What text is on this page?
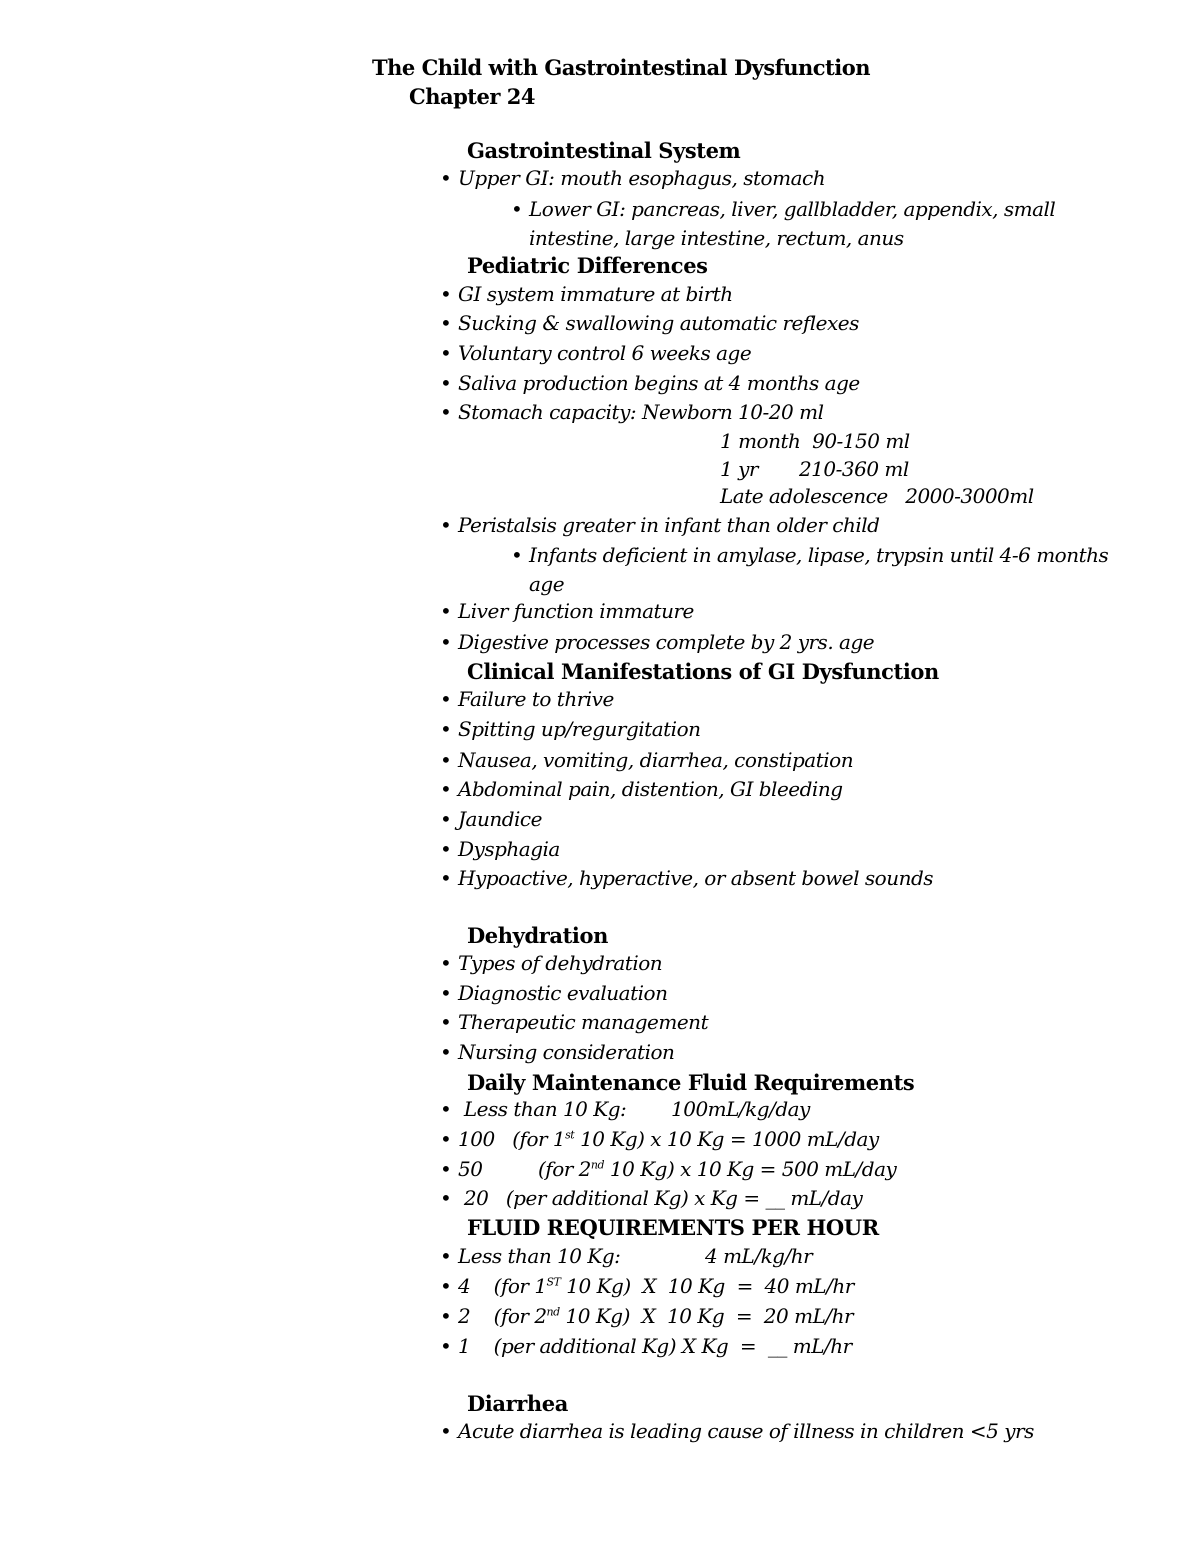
The Child with Gastrointestinal Dysfunction
Chapter 24
Gastrointestinal System
• Upper GI: mouth esophagus, stomach
• Lower GI: pancreas, liver, gallbladder, appendix, small
intestine, large intestine, rectum, anus
Pediatric Differences
• GI system immature at birth
• Sucking & swallowing automatic reflexes
• Voluntary control 6 weeks age
• Saliva production begins at 4 months age
• Stomach capacity: Newborn 10-20 ml
1 month  90-150 ml
1 yr       210-360 ml
Late adolescence   2000-3000ml
• Peristalsis greater in infant than older child
• Infants deficient in amylase, lipase, trypsin until 4-6 months
age
• Liver function immature
• Digestive processes complete by 2 yrs. age
Clinical Manifestations of GI Dysfunction
• Failure to thrive
• Spitting up/regurgitation
• Nausea, vomiting, diarrhea, constipation
• Abdominal pain, distention, GI bleeding
• Jaundice
• Dysphagia
• Hypoactive, hyperactive, or absent bowel sounds
Dehydration
• Types of dehydration
• Diagnostic evaluation
• Therapeutic management
• Nursing consideration
Daily Maintenance Fluid Requirements
• Less than 10 Kg: 100mL/kg/day
• 100   (for 1st 10 Kg) x 10 Kg = 1000 mL/day
• 50	(for 2nd 10 Kg) x 10 Kg = 500 mL/day
• 20   (per additional Kg) x Kg = __ mL/day
FLUID REQUIREMENTS PER HOUR
• Less than 10 Kg:	4 mL/kg/hr
• 4    (for 1ST 10 Kg)  X  10 Kg  =  40 mL/hr
• 2    (for 2nd 10 Kg)  X  10 Kg  =  20 mL/hr
• 1    (per additional Kg) X Kg  =  __ mL/hr
Diarrhea
• Acute diarrhea is leading cause of illness in children <5 yrs
